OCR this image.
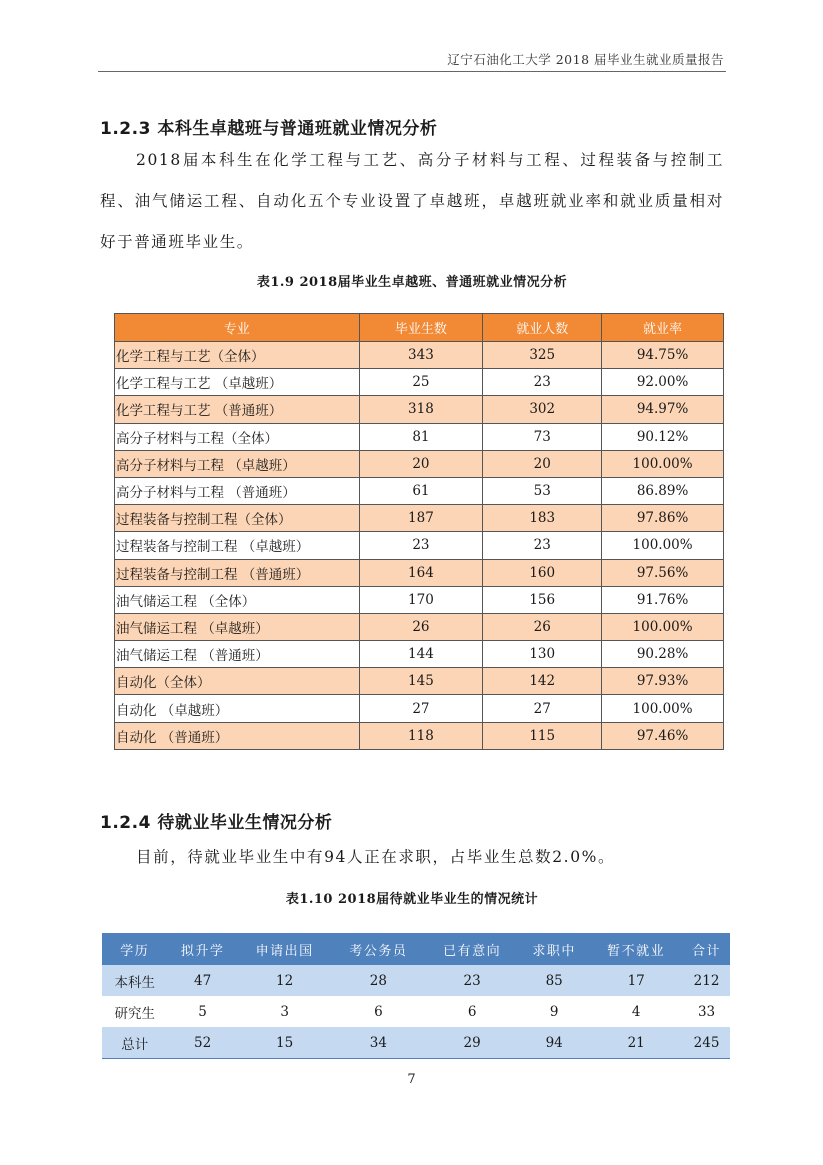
辽宁石油化工大学 2018 届毕业生就业质量报告
1.2.3 本科生卓越班与普通班就业情况分析

2018届本科生在化学工程与工艺、高分子材料与工程、过程装备与控制工程、油气储运工程、自动化五个专业设置了卓越班，卓越班就业率和就业质量相对好于普通班毕业生。

表1.9 2018届毕业生卓越班、普通班就业情况分析
专业	毕业生数	就业人数	就业率
化学工程与工艺（全体）	343	325	94.75%
化学工程与工艺 （卓越班）	25	23	92.00%
化学工程与工艺 （普通班）	318	302	94.97%
高分子材料与工程（全体）	81	73	90.12%
高分子材料与工程 （卓越班）	20	20	100.00%
高分子材料与工程 （普通班）	61	53	86.89%
过程装备与控制工程（全体）	187	183	97.86%
过程装备与控制工程 （卓越班）	23	23	100.00%
过程装备与控制工程 （普通班）	164	160	97.56%
油气储运工程 （全体）	170	156	91.76%
油气储运工程 （卓越班）	26	26	100.00%
油气储运工程 （普通班）	144	130	90.28%
自动化（全体）	145	142	97.93%
自动化 （卓越班）	27	27	100.00%
自动化 （普通班）	118	115	97.46%
1.2.4 待就业毕业生情况分析

目前，待就业毕业生中有94人正在求职，占毕业生总数2.0%。

表1.10 2018届待就业毕业生的情况统计
学历	拟升学	申请出国	考公务员	已有意向	求职中	暂不就业	合计
本科生	47	12	28	23	85	17	212
研究生	5	3	6	6	9	4	33
总计	52	15	34	29	94	21	245
7
